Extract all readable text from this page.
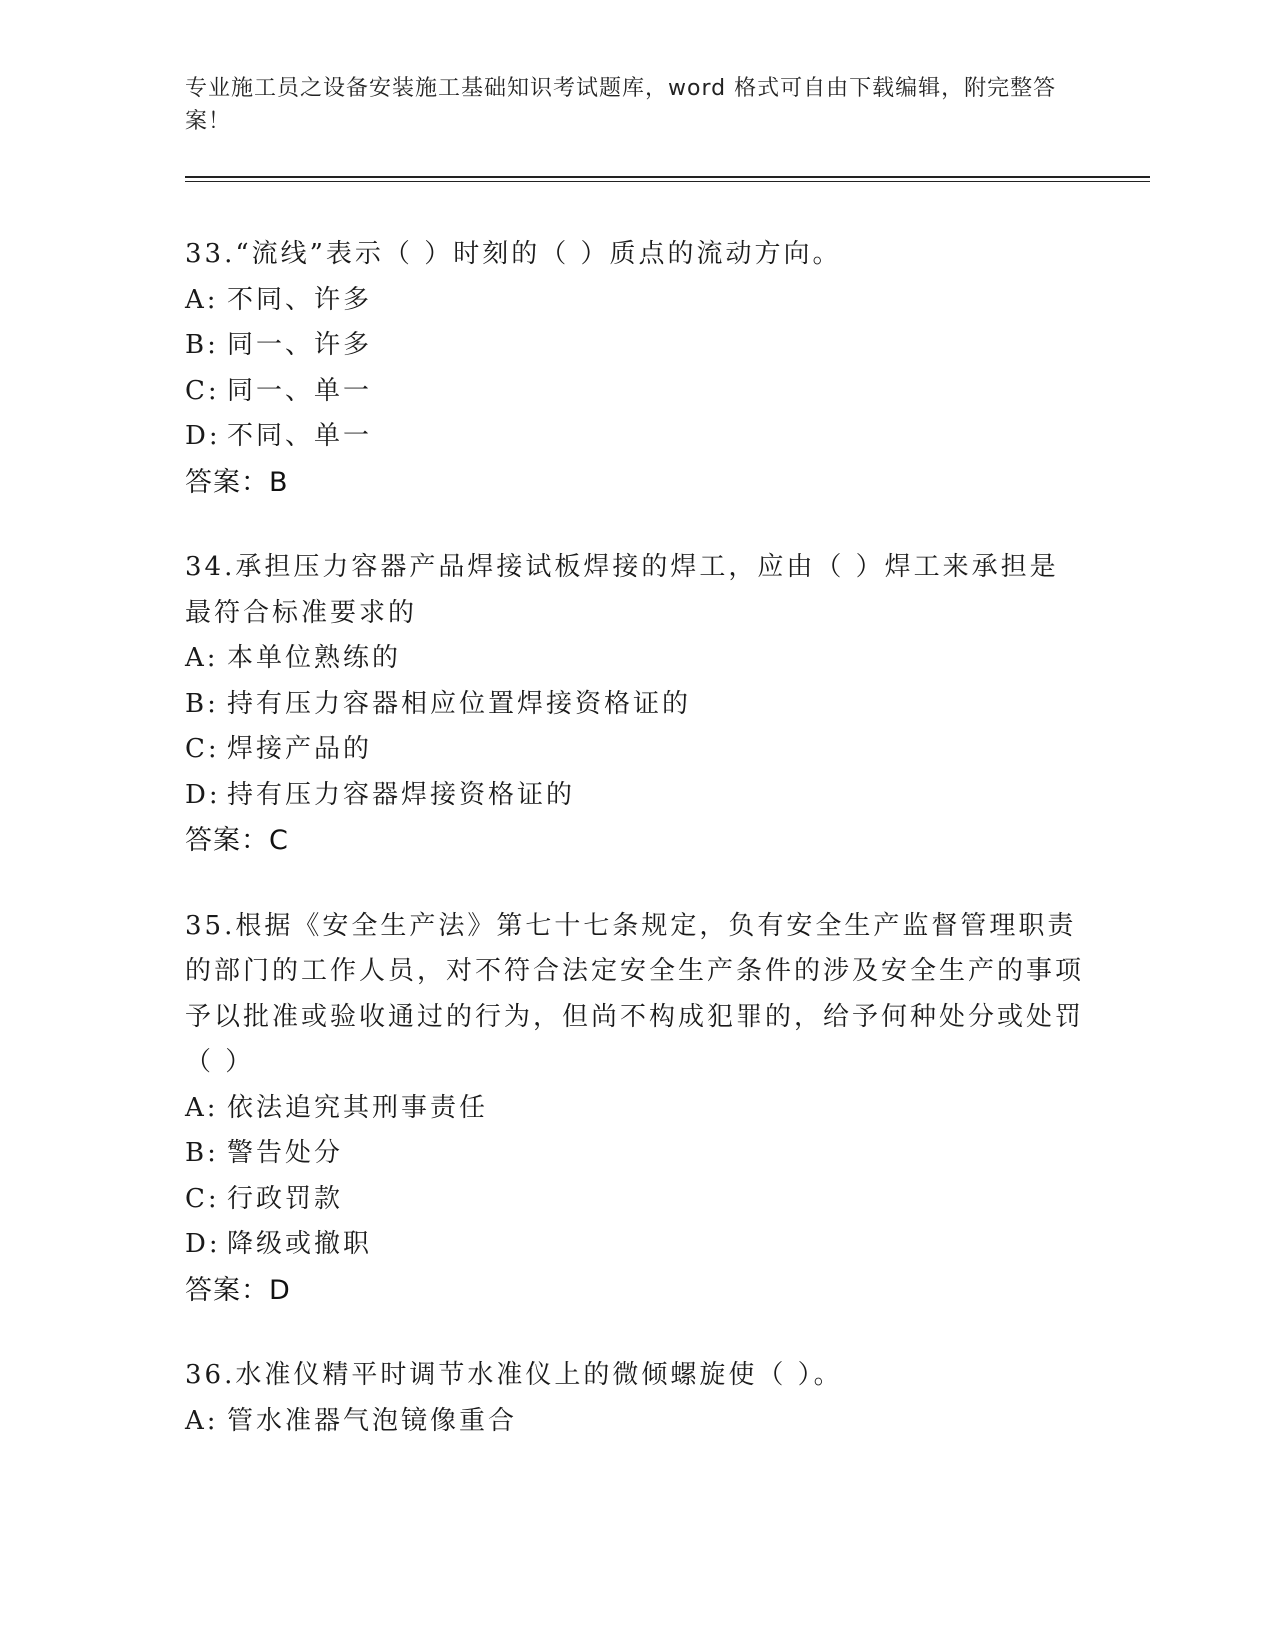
专业施工员之设备安装施工基础知识考试题库，word 格式可自由下载编辑，附完整答案！
33.“流线”表示（ ）时刻的（ ）质点的流动方向。
A: 不同、许多
B: 同一、许多
C: 同一、单一
D: 不同、单一
答案：B
34.承担压力容器产品焊接试板焊接的焊工，应由（ ）焊工来承担是最符合标准要求的
A: 本单位熟练的
B: 持有压力容器相应位置焊接资格证的
C: 焊接产品的
D: 持有压力容器焊接资格证的
答案：C
35.根据《安全生产法》第七十七条规定，负有安全生产监督管理职责的部门的工作人员，对不符合法定安全生产条件的涉及安全生产的事项予以批准或验收通过的行为，但尚不构成犯罪的，给予何种处分或处罚（ ）
A: 依法追究其刑事责任
B: 警告处分
C: 行政罚款
D: 降级或撤职
答案：D
36.水准仪精平时调节水准仪上的微倾螺旋使（ ）。
A: 管水准器气泡镜像重合
